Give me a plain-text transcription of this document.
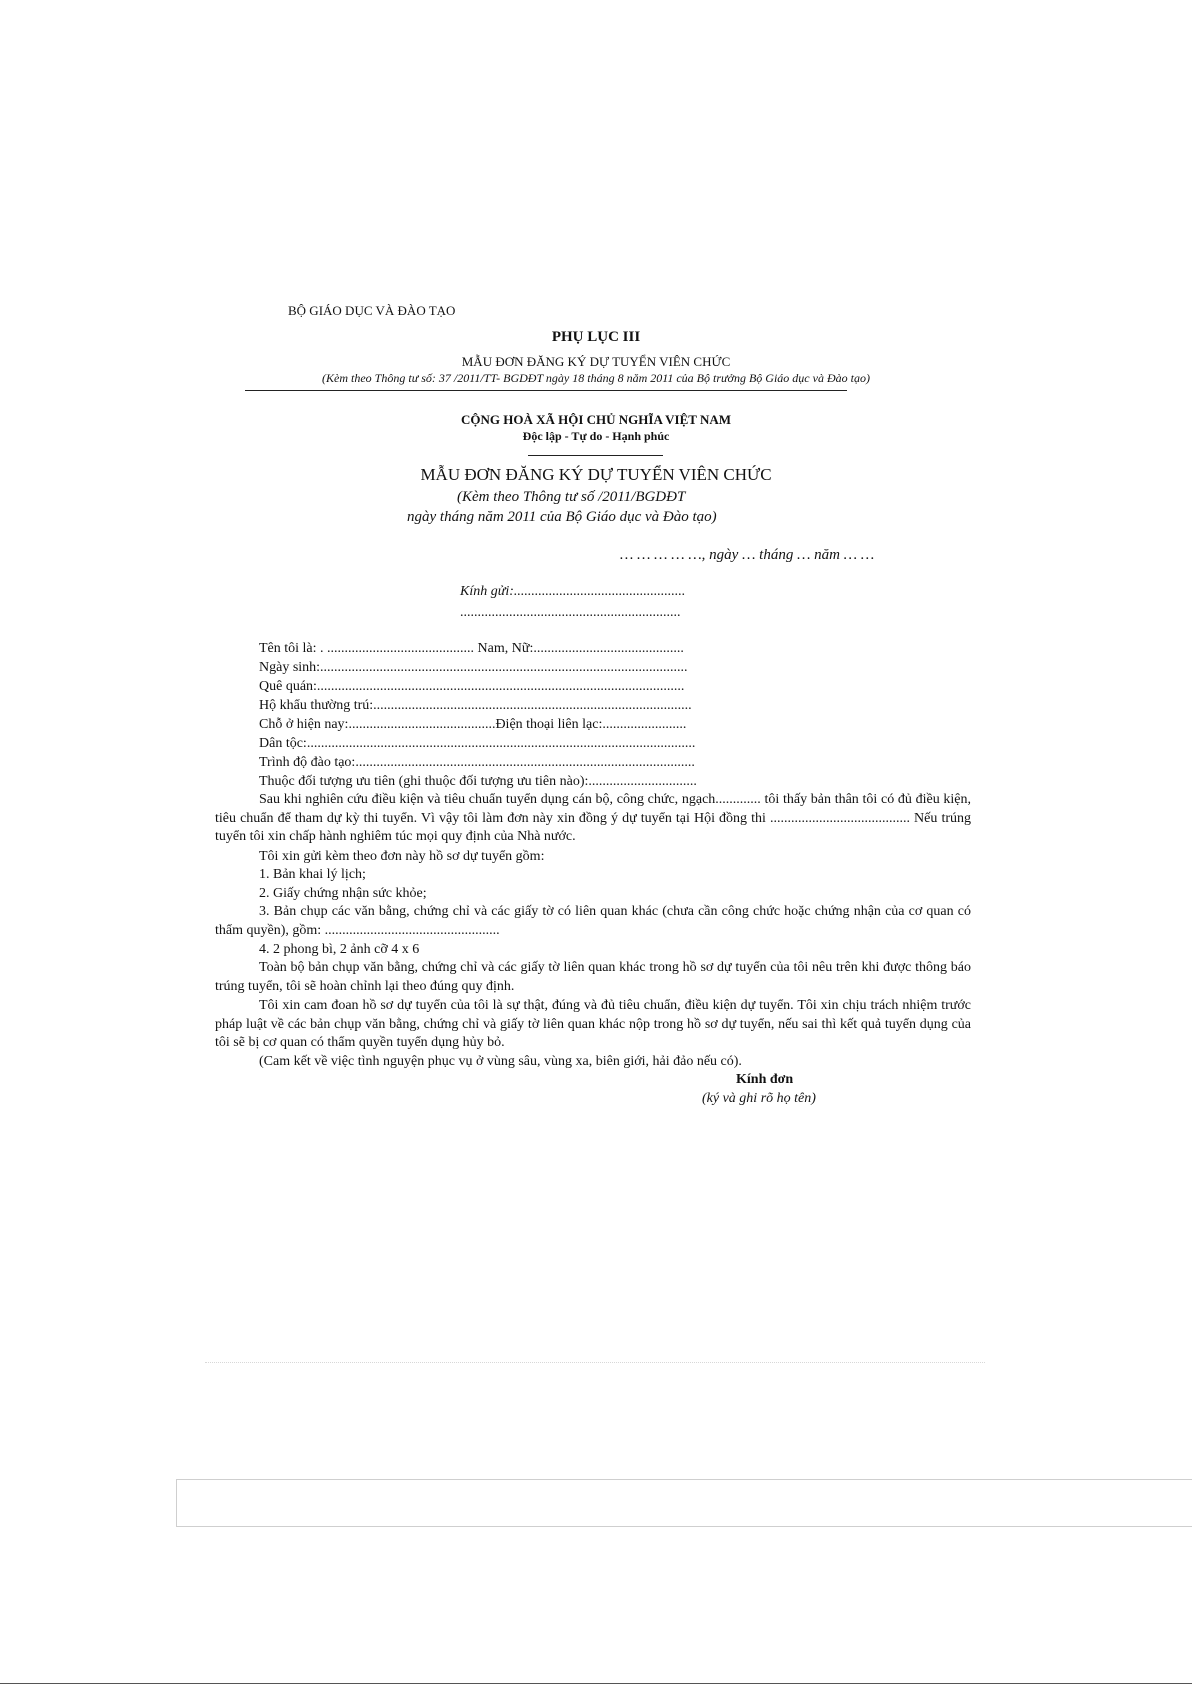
BỘ GIÁO DỤC VÀ ĐÀO TẠO
PHỤ LỤC III
MẪU ĐƠN ĐĂNG KÝ DỰ TUYỂN VIÊN CHỨC
(Kèm theo Thông tư số: 37 /2011/TT- BGDĐT ngày 18 tháng 8 năm 2011 của Bộ trưởng Bộ Giáo dục và Đào tạo)
CỘNG HOÀ XÃ HỘI CHỦ NGHĨA VIỆT NAM
Độc lập - Tự do - Hạnh phúc
MẪU ĐƠN ĐĂNG KÝ DỰ TUYỂN VIÊN CHỨC
(Kèm theo Thông tư số /2011/BGDĐT
ngày tháng năm 2011 của Bộ Giáo dục và Đào tạo)
… … … … …, ngày … tháng … năm … …
Kính gửi:.................................................
...............................................................
Tên tôi là: . .......................................... Nam, Nữ:...........................................
Ngày sinh:.........................................................................................................
Quê quán:.........................................................................................................
Hộ khẩu thường trú:...........................................................................................
Chỗ ở hiện nay:..........................................Điện thoại liên lạc:........................
Dân tộc:...............................................................................................................
Trình độ đào tạo:.................................................................................................
Thuộc đối tượng ưu tiên (ghi thuộc đối tượng ưu tiên nào):...............................
Sau khi nghiên cứu điều kiện và tiêu chuẩn tuyển dụng cán bộ, công chức, ngạch............. tôi thấy bản thân tôi có đủ điều kiện, tiêu chuẩn để tham dự kỳ thi tuyển. Vì vậy tôi làm đơn này xin đồng ý dự tuyển tại Hội đồng thi ........................................ Nếu trúng tuyển tôi xin chấp hành nghiêm túc mọi quy định của Nhà nước.
Tôi xin gửi kèm theo đơn này hồ sơ dự tuyển gồm:
1. Bản khai lý lịch;
2. Giấy chứng nhận sức khỏe;
3. Bản chụp các văn bằng, chứng chỉ và các giấy tờ có liên quan khác (chưa cần công chức hoặc chứng nhận của cơ quan có thẩm quyền), gồm: ..................................................
4. 2 phong bì, 2 ảnh cỡ 4 x 6
Toàn bộ bản chụp văn bằng, chứng chỉ và các giấy tờ liên quan khác trong hồ sơ dự tuyển của tôi nêu trên khi được thông báo trúng tuyển, tôi sẽ hoàn chỉnh lại theo đúng quy định.
Tôi xin cam đoan hồ sơ dự tuyển của tôi là sự thật, đúng và đủ tiêu chuẩn, điều kiện dự tuyển. Tôi xin chịu trách nhiệm trước pháp luật về các bản chụp văn bằng, chứng chỉ và giấy tờ liên quan khác nộp trong hồ sơ dự tuyển, nếu sai thì kết quả tuyển dụng của tôi sẽ bị cơ quan có thẩm quyền tuyển dụng hủy bỏ.
(Cam kết về việc tình nguyện phục vụ ở vùng sâu, vùng xa, biên giới, hải đảo nếu có).
Kính đơn
(ký và ghi rõ họ tên)
